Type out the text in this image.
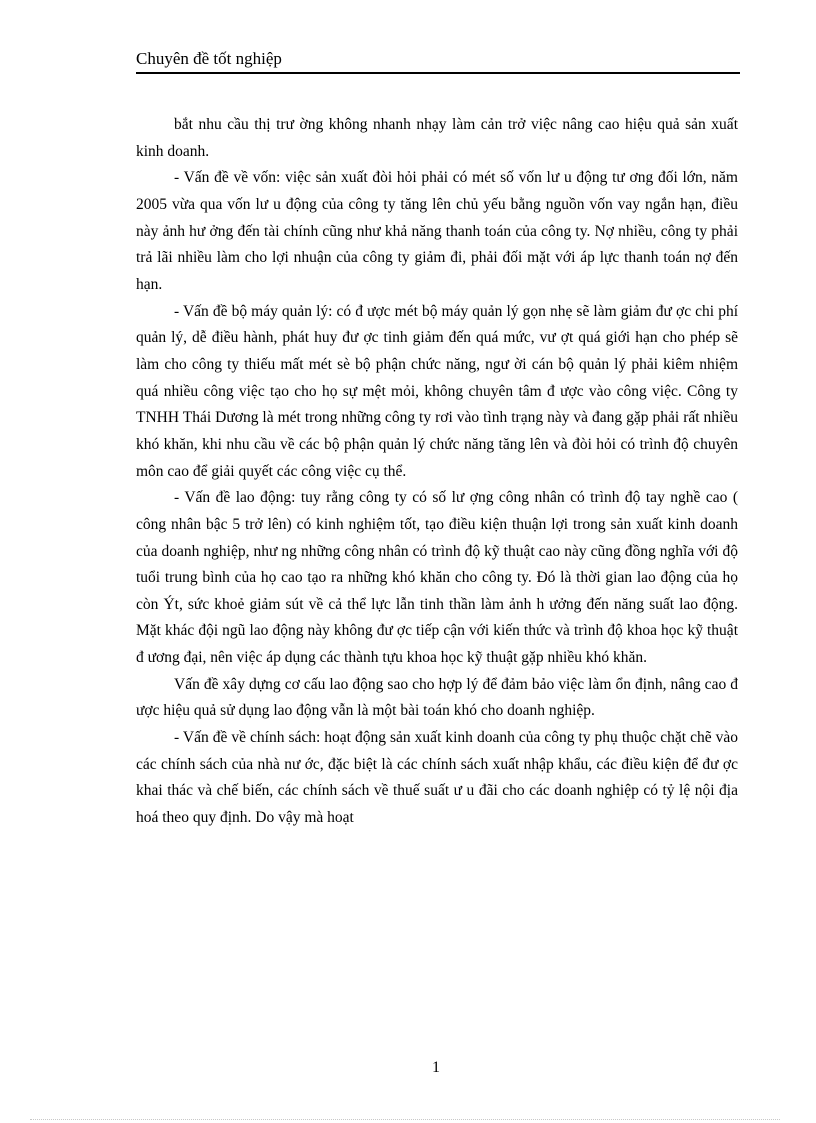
Chuyên đề tốt nghiệp

bắt nhu cầu thị trư ờng không nhanh nhạy làm cản trở việc nâng cao hiệu quả sản xuất kinh doanh.

- Vấn đề về vốn: việc sản xuất đòi hỏi phải có mét số vốn lư u động tư ơng đối lớn, năm 2005 vừa qua vốn lư u động của công ty tăng lên chủ yếu bằng nguồn vốn vay ngắn hạn, điều này ảnh hư ởng đến tài chính cũng như khả năng thanh toán của công ty. Nợ nhiều, công ty phải trả lãi nhiều làm cho lợi nhuận của công ty giảm đi, phải đối mặt với áp lực thanh toán nợ đến hạn.

- Vấn đề bộ máy quản lý: có đ ược mét bộ máy quản lý gọn nhẹ sẽ làm giảm đư ợc chi phí quản lý, dễ điều hành, phát huy đư ợc tinh giảm đến quá mức, vư ợt quá giới hạn cho phép sẽ làm cho công ty thiếu mất mét sè bộ phận chức năng, ngư ời cán bộ quản lý phải kiêm nhiệm quá nhiều công việc tạo cho họ sự mệt mỏi, không chuyên tâm đ ược vào công việc. Công ty TNHH Thái Dương là mét trong những công ty rơi vào tình trạng này và đang gặp phải rất nhiều khó khăn, khi nhu cầu về các bộ phận quản lý chức năng tăng lên và đòi hỏi có trình độ chuyên môn cao để giải quyết các công việc cụ thể.

- Vấn đề lao động: tuy rằng công ty có số lư ợng công nhân có trình độ tay nghề cao ( công nhân bậc 5 trở lên) có kinh nghiệm tốt, tạo điều kiện thuận lợi trong sản xuất kinh doanh của doanh nghiệp, như ng những công nhân có trình độ kỹ thuật cao này cũng đồng nghĩa với độ tuổi trung bình của họ cao tạo ra những khó khăn cho công ty. Đó là thời gian lao động của họ còn Ýt, sức khoẻ giảm sút về cả thể lực lẫn tinh thần làm ảnh h ưởng đến năng suất lao động. Mặt khác đội ngũ lao động này không đư ợc tiếp cận với kiến thức và trình độ khoa học kỹ thuật đ ương đại, nên việc áp dụng các thành tựu khoa học kỹ thuật gặp nhiều khó khăn.

Vấn đề xây dựng cơ cấu lao động sao cho hợp lý để đảm bảo việc làm ổn định, nâng cao đ ược hiệu quả sử dụng lao động vẫn là một bài toán khó cho doanh nghiệp.

- Vấn đề về chính sách: hoạt động sản xuất kinh doanh của công ty phụ thuộc chặt chẽ vào các chính sách của nhà nư ớc, đặc biệt là các chính sách xuất nhập khẩu, các điều kiện để đư ợc khai thác và chế biến, các chính sách về thuế suất ư u đãi cho các doanh nghiệp có tỷ lệ nội địa hoá theo quy định. Do vậy mà hoạt

1
